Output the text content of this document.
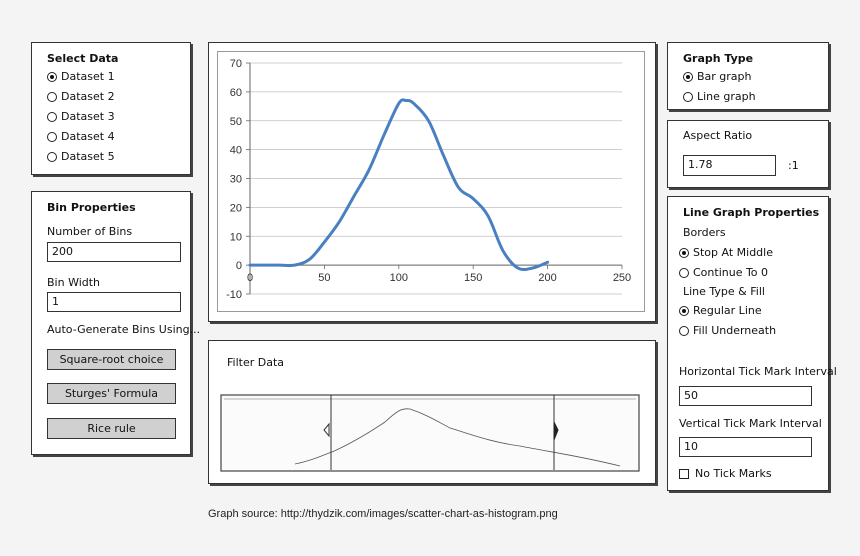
Select Data
Dataset 1
Dataset 2
Dataset 3
Dataset 4
Dataset 5
Bin Properties
Number of Bins
200
Bin Width
1
Auto-Generate Bins Using...
Square-root choice
Sturges' Formula
Rice rule
-10
0
10
20
30
40
50
60
70
0	50	100	150	200	250
Filter Data
Graph Type
Bar graph
Line graph
Aspect Ratio
1.78	:1
Line Graph Properties
Borders
Stop At Middle
Continue To 0
Line Type & Fill
Regular Line
Fill Underneath
Horizontal Tick Mark Interval
50
Vertical Tick Mark Interval
10
No Tick Marks
Graph source: http://thydzik.com/images/scatter-chart-as-histogram.png
